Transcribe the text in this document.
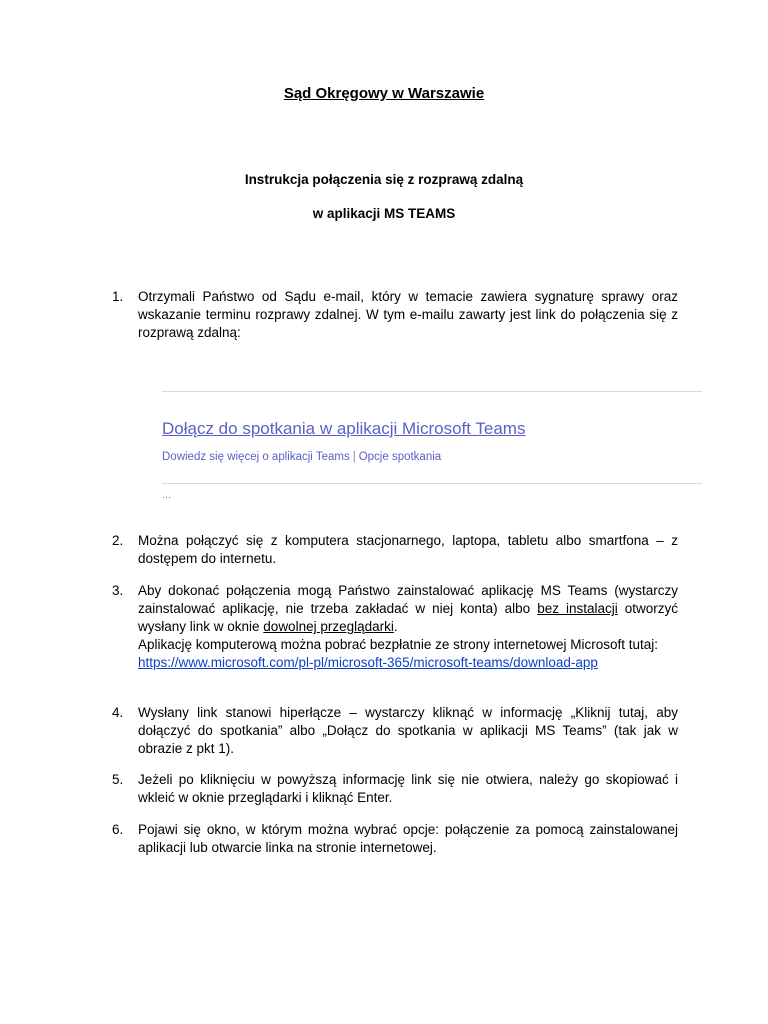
Sąd Okręgowy w Warszawie
Instrukcja połączenia się z rozprawą zdalną
w aplikacji MS TEAMS
1.	Otrzymali Państwo od Sądu e-mail, który w temacie zawiera sygnaturę sprawy oraz wskazanie terminu rozprawy zdalnej. W tym e-mailu zawarty jest link do połączenia się z rozprawą zdalną:

2.	Można połączyć się z komputera stacjonarnego, laptopa, tabletu albo smartfona – z dostępem do internetu.

3.	Aby dokonać połączenia mogą Państwo zainstalować aplikację MS Teams (wystarczy zainstalować aplikację, nie trzeba zakładać w niej konta) albo bez instalacji otworzyć wysłany link w oknie dowolnej przeglądarki.

Aplikację komputerową można pobrać bezpłatnie ze strony internetowej Microsoft tutaj:

https://www.microsoft.com/pl-pl/microsoft-365/microsoft-teams/download-app

4.	Wysłany link stanowi hiperłącze – wystarczy kliknąć w informację „Kliknij tutaj, aby dołączyć do spotkania” albo „Dołącz do spotkania w aplikacji MS Teams” (tak jak w obrazie z pkt 1).

5.	Jeżeli po kliknięciu w powyższą informację link się nie otwiera, należy go skopiować i wkleić w oknie przeglądarki i kliknąć Enter.

6.	Pojawi się okno, w którym można wybrać opcje: połączenie za pomocą zainstalowanej aplikacji lub otwarcie linka na stronie internetowej.

Dołącz do spotkania w aplikacji Microsoft Teams
Dowiedz się więcej o aplikacji Teams | Opcje spotkania
...
